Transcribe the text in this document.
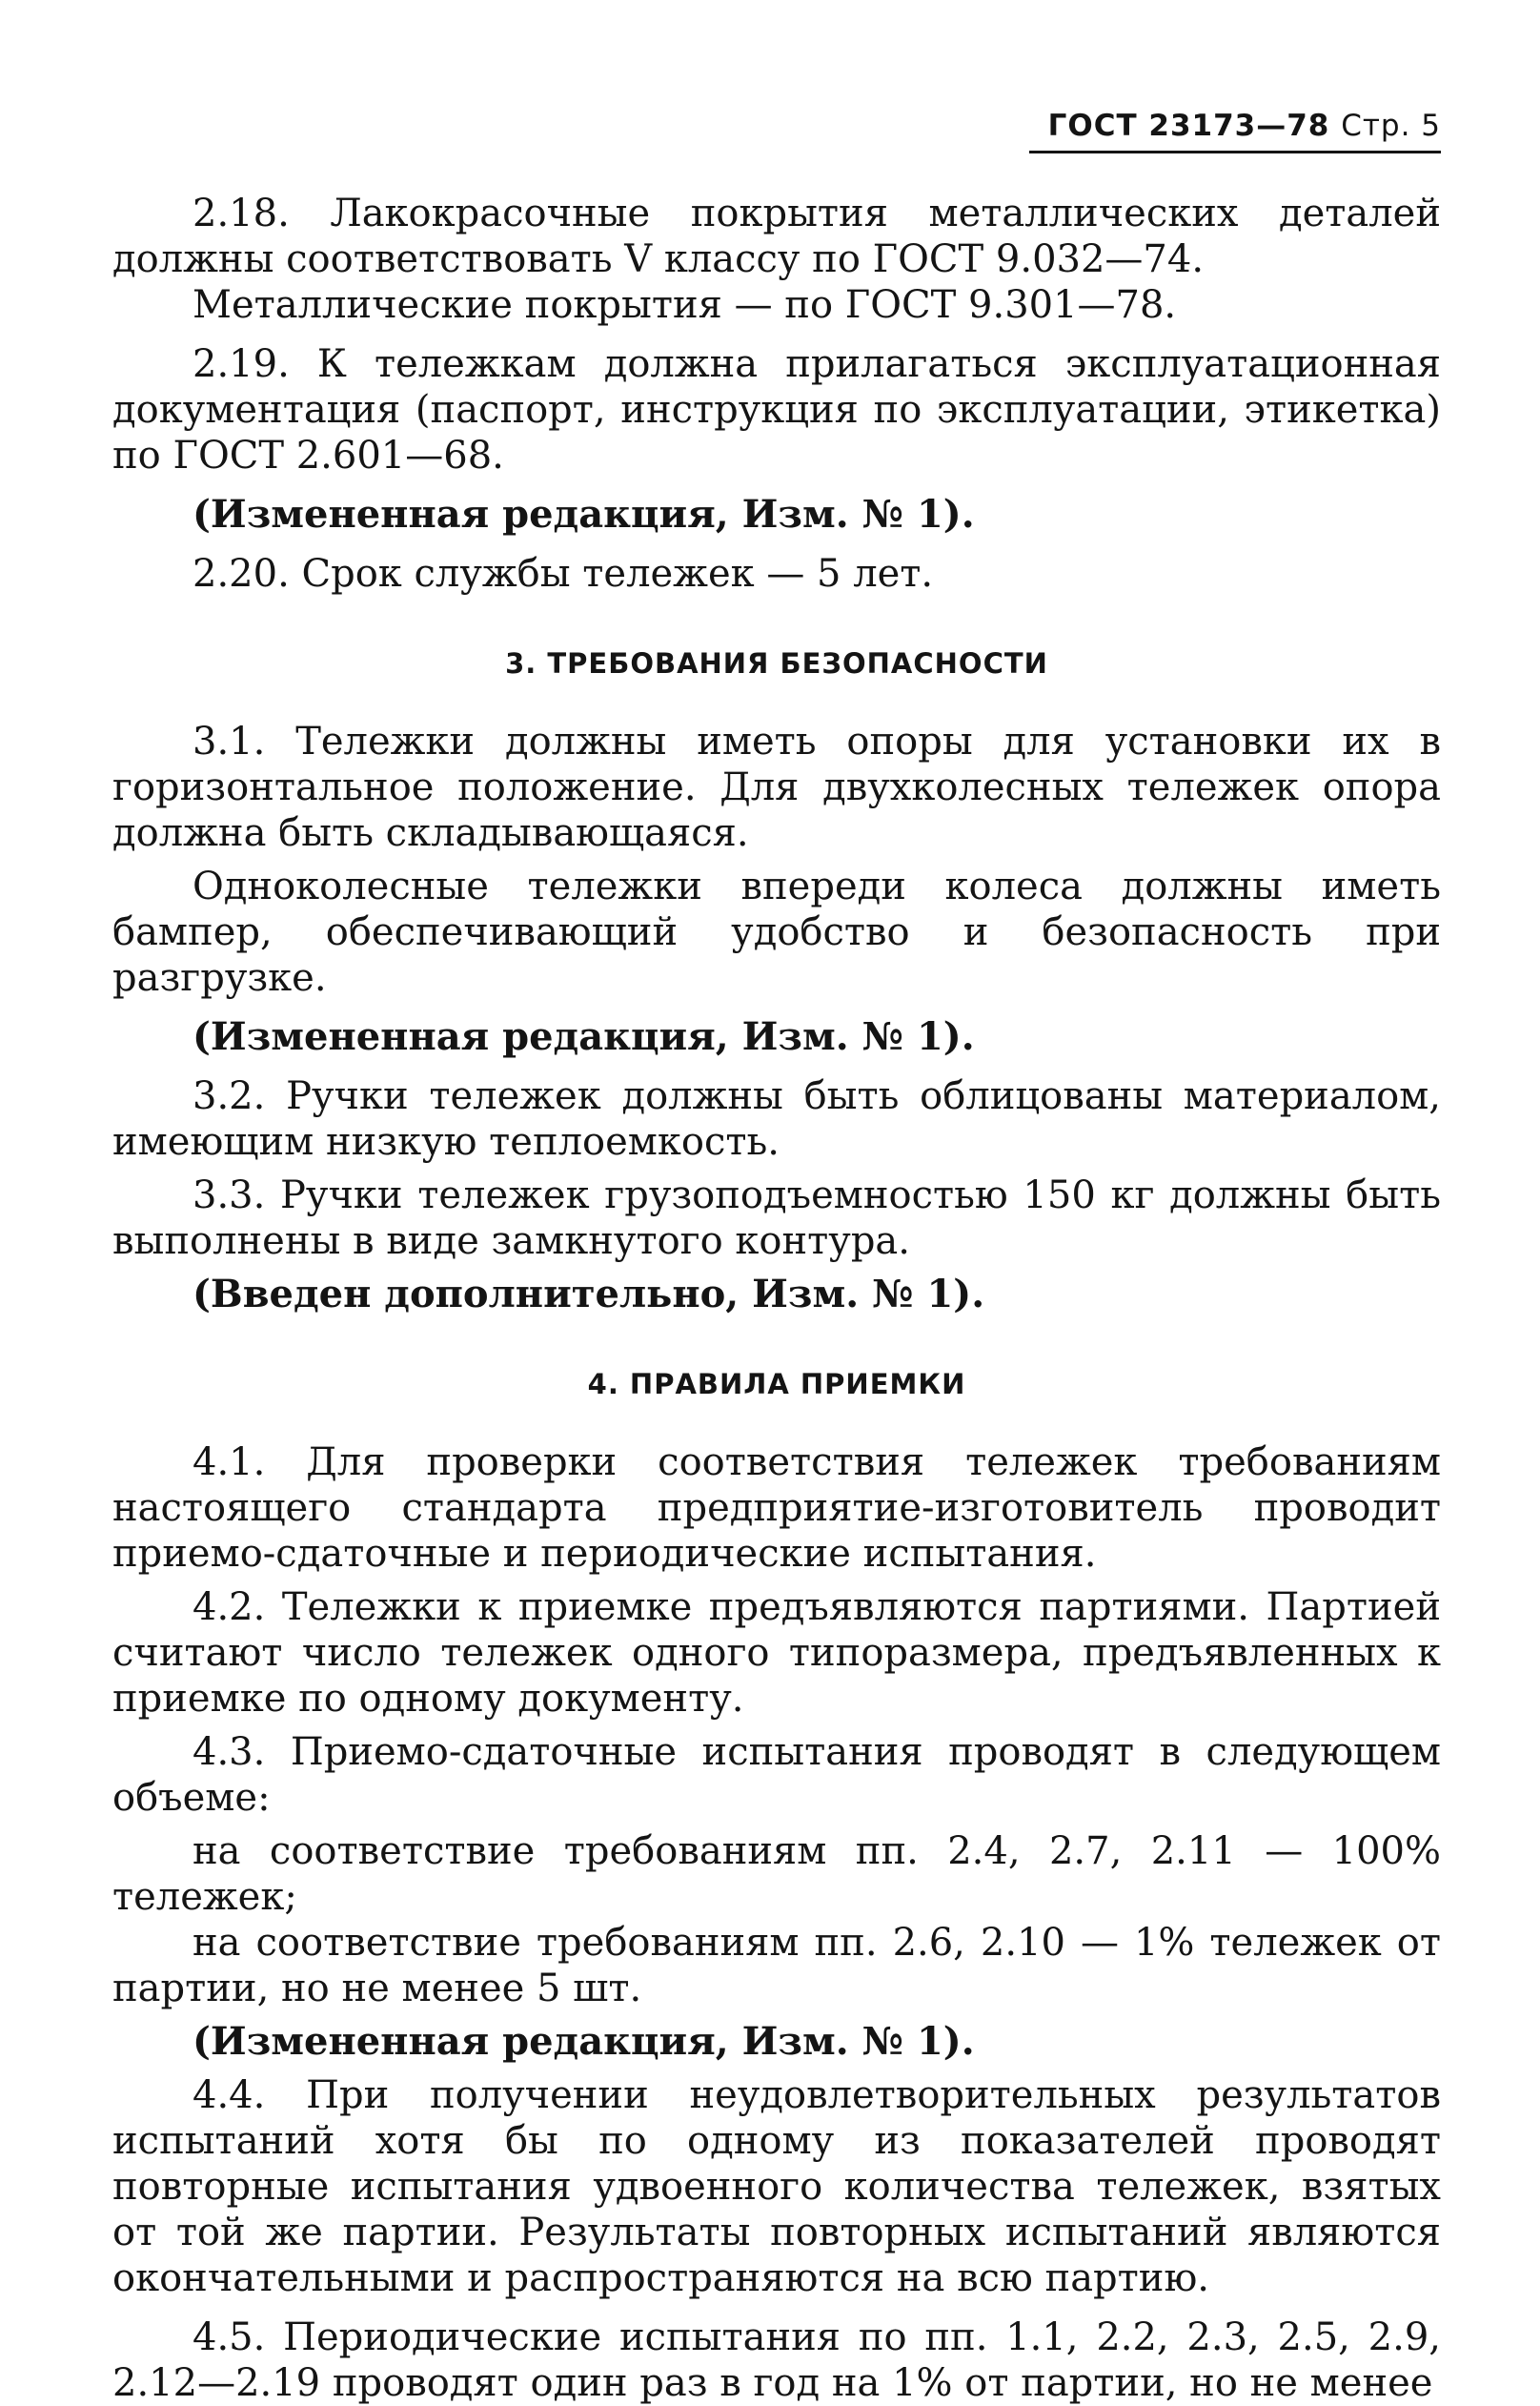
ГОСТ 23173—78 Стр. 5

2.18. Лакокрасочные покрытия металлических деталей должны соответствовать V классу по ГОСТ 9.032—74.

Металлические покрытия — по ГОСТ 9.301—78.

2.19. К тележкам должна прилагаться эксплуатационная документация (паспорт, инструкция по эксплуатации, этикетка) по ГОСТ 2.601—68.

(Измененная редакция, Изм. № 1).

2.20. Срок службы тележек — 5 лет.

3. ТРЕБОВАНИЯ БЕЗОПАСНОСТИ

3.1. Тележки должны иметь опоры для установки их в горизонтальное положение. Для двухколесных тележек опора должна быть складывающаяся.

Одноколесные тележки впереди колеса должны иметь бампер, обеспечивающий удобство и безопасность при разгрузке.

(Измененная редакция, Изм. № 1).

3.2. Ручки тележек должны быть облицованы материалом, имеющим низкую теплоемкость.

3.3. Ручки тележек грузоподъемностью 150 кг должны быть выполнены в виде замкнутого контура.

(Введен дополнительно, Изм. № 1).

4. ПРАВИЛА ПРИЕМКИ

4.1. Для проверки соответствия тележек требованиям настоящего стандарта предприятие-изготовитель проводит приемо-сдаточные и периодические испытания.

4.2. Тележки к приемке предъявляются партиями. Партией считают число тележек одного типоразмера, предъявленных к приемке по одному документу.

4.3. Приемо-сдаточные испытания проводят в следующем объеме:

на соответствие требованиям пп. 2.4, 2.7, 2.11 — 100% тележек;

на соответствие требованиям пп. 2.6, 2.10 — 1% тележек от партии, но не менее 5 шт.

(Измененная редакция, Изм. № 1).

4.4. При получении неудовлетворительных результатов испытаний хотя бы по одному из показателей проводят повторные испытания удвоенного количества тележек, взятых от той же партии. Результаты повторных испытаний являются окончательными и распространяются на всю партию.

4.5. Периодические испытания по пп. 1.1, 2.2, 2.3, 2.5, 2.9, 2.12—2.19 проводят один раз в год на 1% от партии, но не менее
